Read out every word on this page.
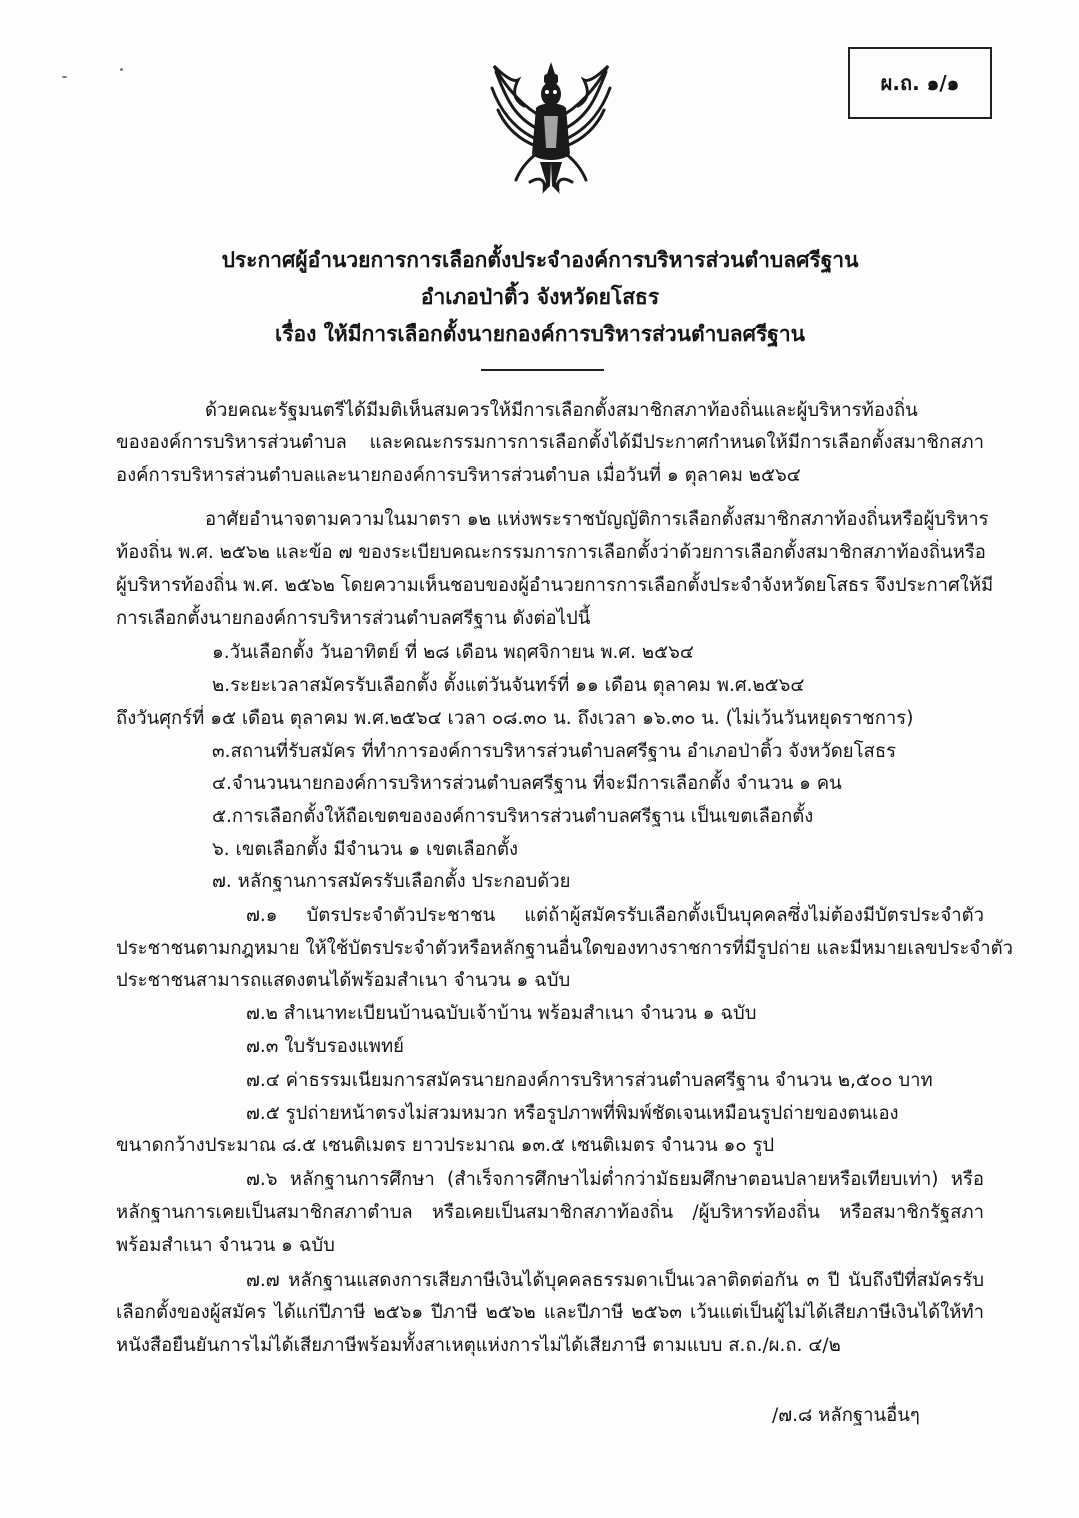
ผ.ถ. ๑/๑
ประกาศผู้อำนวยการการเลือกตั้งประจำองค์การบริหารส่วนตำบลศรีฐาน
อำเภอป่าติ้ว จังหวัดยโสธร
เรื่อง ให้มีการเลือกตั้งนายกองค์การบริหารส่วนตำบลศรีฐาน
ด้วยคณะรัฐมนตรีได้มีมติเห็นสมควรให้มีการเลือกตั้งสมาชิกสภาท้องถิ่นและผู้บริหารท้องถิ่น
ขององค์การบริหารส่วนตำบล และคณะกรรมการการเลือกตั้งได้มีประกาศกำหนดให้มีการเลือกตั้งสมาชิกสภา
องค์การบริหารส่วนตำบลและนายกองค์การบริหารส่วนตำบล เมื่อวันที่ ๑ ตุลาคม ๒๕๖๔
อาศัยอำนาจตามความในมาตรา ๑๒ แห่งพระราชบัญญัติการเลือกตั้งสมาชิกสภาท้องถิ่นหรือผู้บริหาร
ท้องถิ่น พ.ศ. ๒๕๖๒ และข้อ ๗ ของระเบียบคณะกรรมการการเลือกตั้งว่าด้วยการเลือกตั้งสมาชิกสภาท้องถิ่นหรือ
ผู้บริหารท้องถิ่น พ.ศ. ๒๕๖๒ โดยความเห็นชอบของผู้อำนวยการการเลือกตั้งประจำจังหวัดยโสธร จึงประกาศให้มี
การเลือกตั้งนายกองค์การบริหารส่วนตำบลศรีฐาน ดังต่อไปนี้
๑.วันเลือกตั้ง วันอาทิตย์ ที่ ๒๘ เดือน พฤศจิกายน พ.ศ. ๒๕๖๔
๒.ระยะเวลาสมัครรับเลือกตั้ง ตั้งแต่วันจันทร์ที่ ๑๑ เดือน ตุลาคม พ.ศ.๒๕๖๔
ถึงวันศุกร์ที่ ๑๕ เดือน ตุลาคม พ.ศ.๒๕๖๔ เวลา ๐๘.๓๐ น. ถึงเวลา ๑๖.๓๐ น. (ไม่เว้นวันหยุดราชการ)
๓.สถานที่รับสมัคร ที่ทำการองค์การบริหารส่วนตำบลศรีฐาน อำเภอป่าติ้ว จังหวัดยโสธร
๔.จำนวนนายกองค์การบริหารส่วนตำบลศรีฐาน ที่จะมีการเลือกตั้ง จำนวน ๑ คน
๕.การเลือกตั้งให้ถือเขตขององค์การบริหารส่วนตำบลศรีฐาน เป็นเขตเลือกตั้ง
๖. เขตเลือกตั้ง มีจำนวน ๑ เขตเลือกตั้ง
๗. หลักฐานการสมัครรับเลือกตั้ง ประกอบด้วย
๗.๑ บัตรประจำตัวประชาชน แต่ถ้าผู้สมัครรับเลือกตั้งเป็นบุคคลซึ่งไม่ต้องมีบัตรประจำตัว
ประชาชนตามกฎหมาย ให้ใช้บัตรประจำตัวหรือหลักฐานอื่นใดของทางราชการที่มีรูปถ่าย และมีหมายเลขประจำตัว
ประชาชนสามารถแสดงตนได้พร้อมสำเนา จำนวน ๑ ฉบับ
๗.๒ สำเนาทะเบียนบ้านฉบับเจ้าบ้าน พร้อมสำเนา จำนวน ๑ ฉบับ
๗.๓ ใบรับรองแพทย์
๗.๔ ค่าธรรมเนียมการสมัครนายกองค์การบริหารส่วนตำบลศรีฐาน จำนวน ๒,๕๐๐ บาท
๗.๕ รูปถ่ายหน้าตรงไม่สวมหมวก หรือรูปภาพที่พิมพ์ชัดเจนเหมือนรูปถ่ายของตนเอง
ขนาดกว้างประมาณ ๘.๕ เซนติเมตร ยาวประมาณ ๑๓.๕ เซนติเมตร จำนวน ๑๐ รูป
๗.๖ หลักฐานการศึกษา (สำเร็จการศึกษาไม่ต่ำกว่ามัธยมศึกษาตอนปลายหรือเทียบเท่า) หรือ
หลักฐานการเคยเป็นสมาชิกสภาตำบล หรือเคยเป็นสมาชิกสภาท้องถิ่น /ผู้บริหารท้องถิ่น หรือสมาชิกรัฐสภา
พร้อมสำเนา จำนวน ๑ ฉบับ
๗.๗ หลักฐานแสดงการเสียภาษีเงินได้บุคคลธรรมดาเป็นเวลาติดต่อกัน ๓ ปี นับถึงปีที่สมัครรับ
เลือกตั้งของผู้สมัคร ได้แก่ปีภาษี ๒๕๖๑ ปีภาษี ๒๕๖๒ และปีภาษี ๒๕๖๓ เว้นแต่เป็นผู้ไม่ได้เสียภาษีเงินได้ให้ทำ
หนังสือยืนยันการไม่ได้เสียภาษีพร้อมทั้งสาเหตุแห่งการไม่ได้เสียภาษี ตามแบบ ส.ถ./ผ.ถ. ๔/๒
/๗.๘ หลักฐานอื่นๆ
